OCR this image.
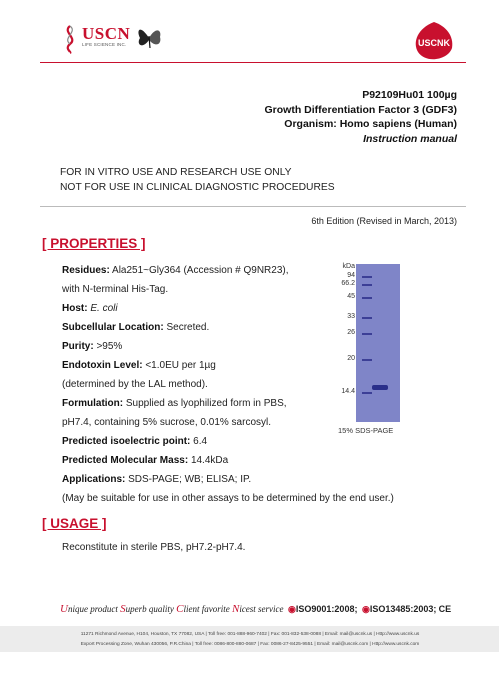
USCN
LIFE SCIENCE INC.	USCNK
P92109Hu01 100µg
Growth Differentiation Factor 3 (GDF3)
Organism: Homo sapiens (Human)
Instruction manual
FOR IN VITRO USE AND RESEARCH USE ONLY
NOT FOR USE IN CLINICAL DIAGNOSTIC PROCEDURES
6th Edition (Revised in March, 2013)
[ PROPERTIES ]
Residues: Ala251~Gly364 (Accession # Q9NR23),
with N-terminal His-Tag.
Host: E. coli
Subcellular Location: Secreted.
Purity: >95%
Endotoxin Level: <1.0EU per 1µg
(determined by the LAL method).
Formulation: Supplied as lyophilized form in PBS,
pH7.4, containing 5% sucrose, 0.01% sarcosyl.
Predicted isoelectric point: 6.4
Predicted Molecular Mass: 14.4kDa
Applications: SDS-PAGE; WB; ELISA; IP.
(May be suitable for use in other assays to be determined by the end user.)
kDa
94
66.2
45
33
26
20
14.4
15% SDS-PAGE
[ USAGE ]
Reconstitute in sterile PBS, pH7.2-pH7.4.
Unique product Superb quality Client favorite Nicest service ◉ISO9001:2008; ◉ISO13485:2003; CE
11271 Richmond Avenue, H104, Houston, TX 77082, USA | Toll free: 001-888-960-7402 | Fax: 001-832-538-0088 | Email: mail@uscnk.us | Http://www.uscnk.us
Export Processing Zone, Wuhan 430056, P.R.China | Toll free: 0086-800-880-0687 | Fax: 0086-27-8425-9551 | Email: mail@uscnk.com | Http://www.uscnk.com
